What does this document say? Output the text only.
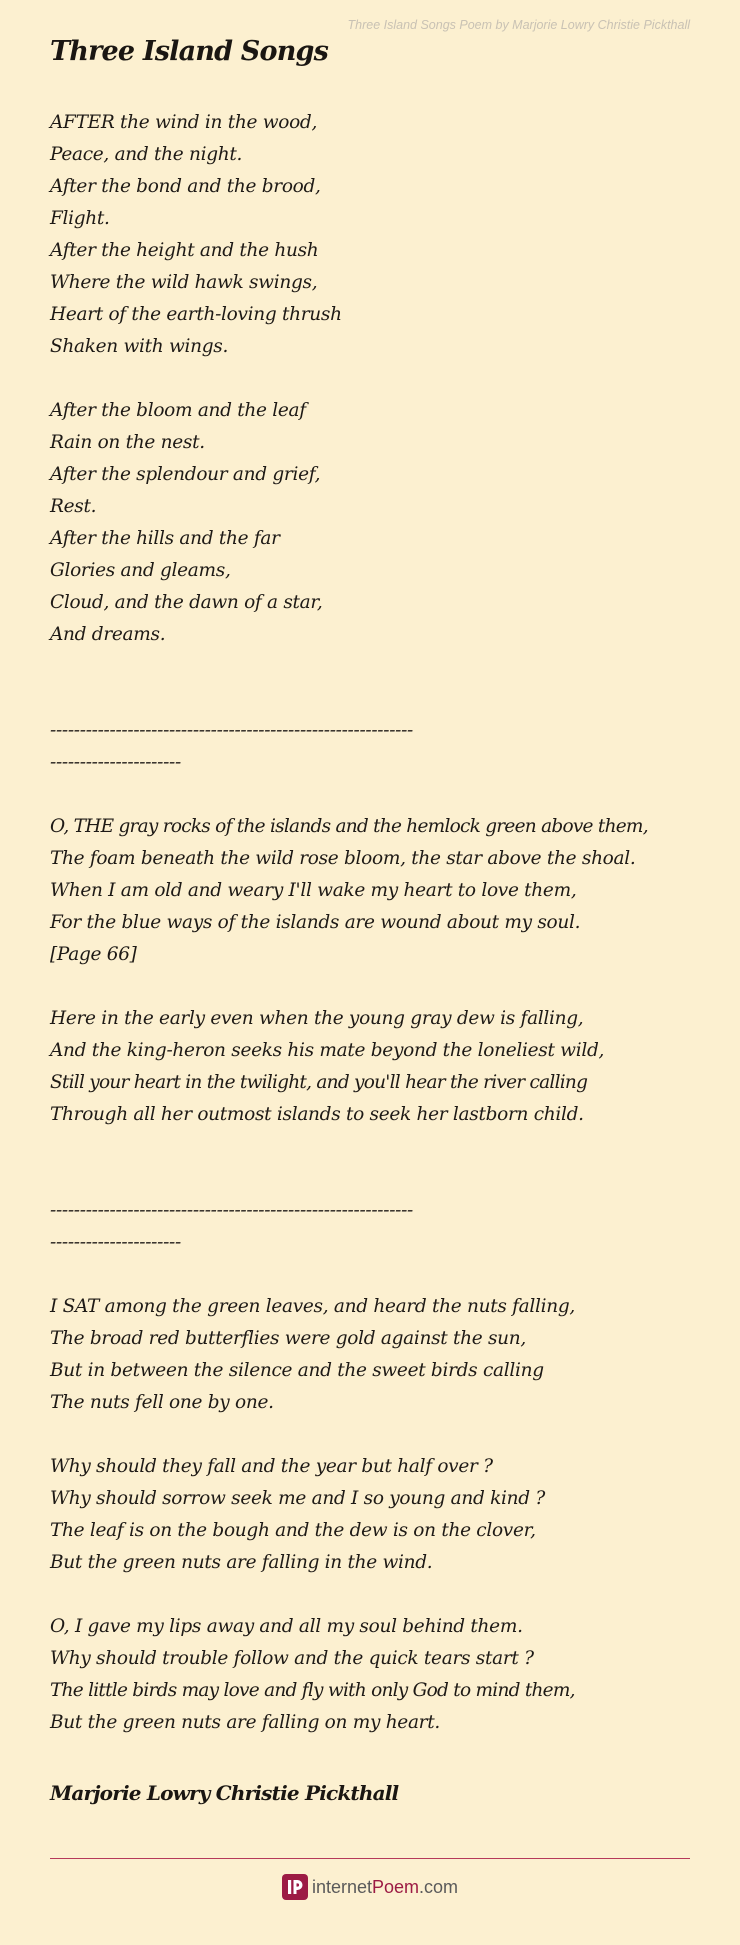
Three Island Songs Poem by Marjorie Lowry Christie Pickthall
Three Island Songs
AFTER the wind in the wood,
Peace, and the night.
After the bond and the brood,
Flight.
After the height and the hush
Where the wild hawk swings,
Heart of the earth-loving thrush
Shaken with wings.
After the bloom and the leaf
Rain on the nest.
After the splendour and grief,
Rest.
After the hills and the far
Glories and gleams,
Cloud, and the dawn of a star,
And dreams.
-------------------------------------------------------------
----------------------
O, THE gray rocks of the islands and the hemlock green above them,
The foam beneath the wild rose bloom, the star above the shoal.
When I am old and weary I'll wake my heart to love them,
For the blue ways of the islands are wound about my soul.
[Page 66]
Here in the early even when the young gray dew is falling,
And the king-heron seeks his mate beyond the loneliest wild,
Still your heart in the twilight, and you'll hear the river calling
Through all her outmost islands to seek her lastborn child.
-------------------------------------------------------------
----------------------
I SAT among the green leaves, and heard the nuts falling,
The broad red butterflies were gold against the sun,
But in between the silence and the sweet birds calling
The nuts fell one by one.
Why should they fall and the year but half over ?
Why should sorrow seek me and I so young and kind ?
The leaf is on the bough and the dew is on the clover,
But the green nuts are falling in the wind.
O, I gave my lips away and all my soul behind them.
Why should trouble follow and the quick tears start ?
The little birds may love and fly with only God to mind them,
But the green nuts are falling on my heart.
Marjorie Lowry Christie Pickthall
internetPoem.com
